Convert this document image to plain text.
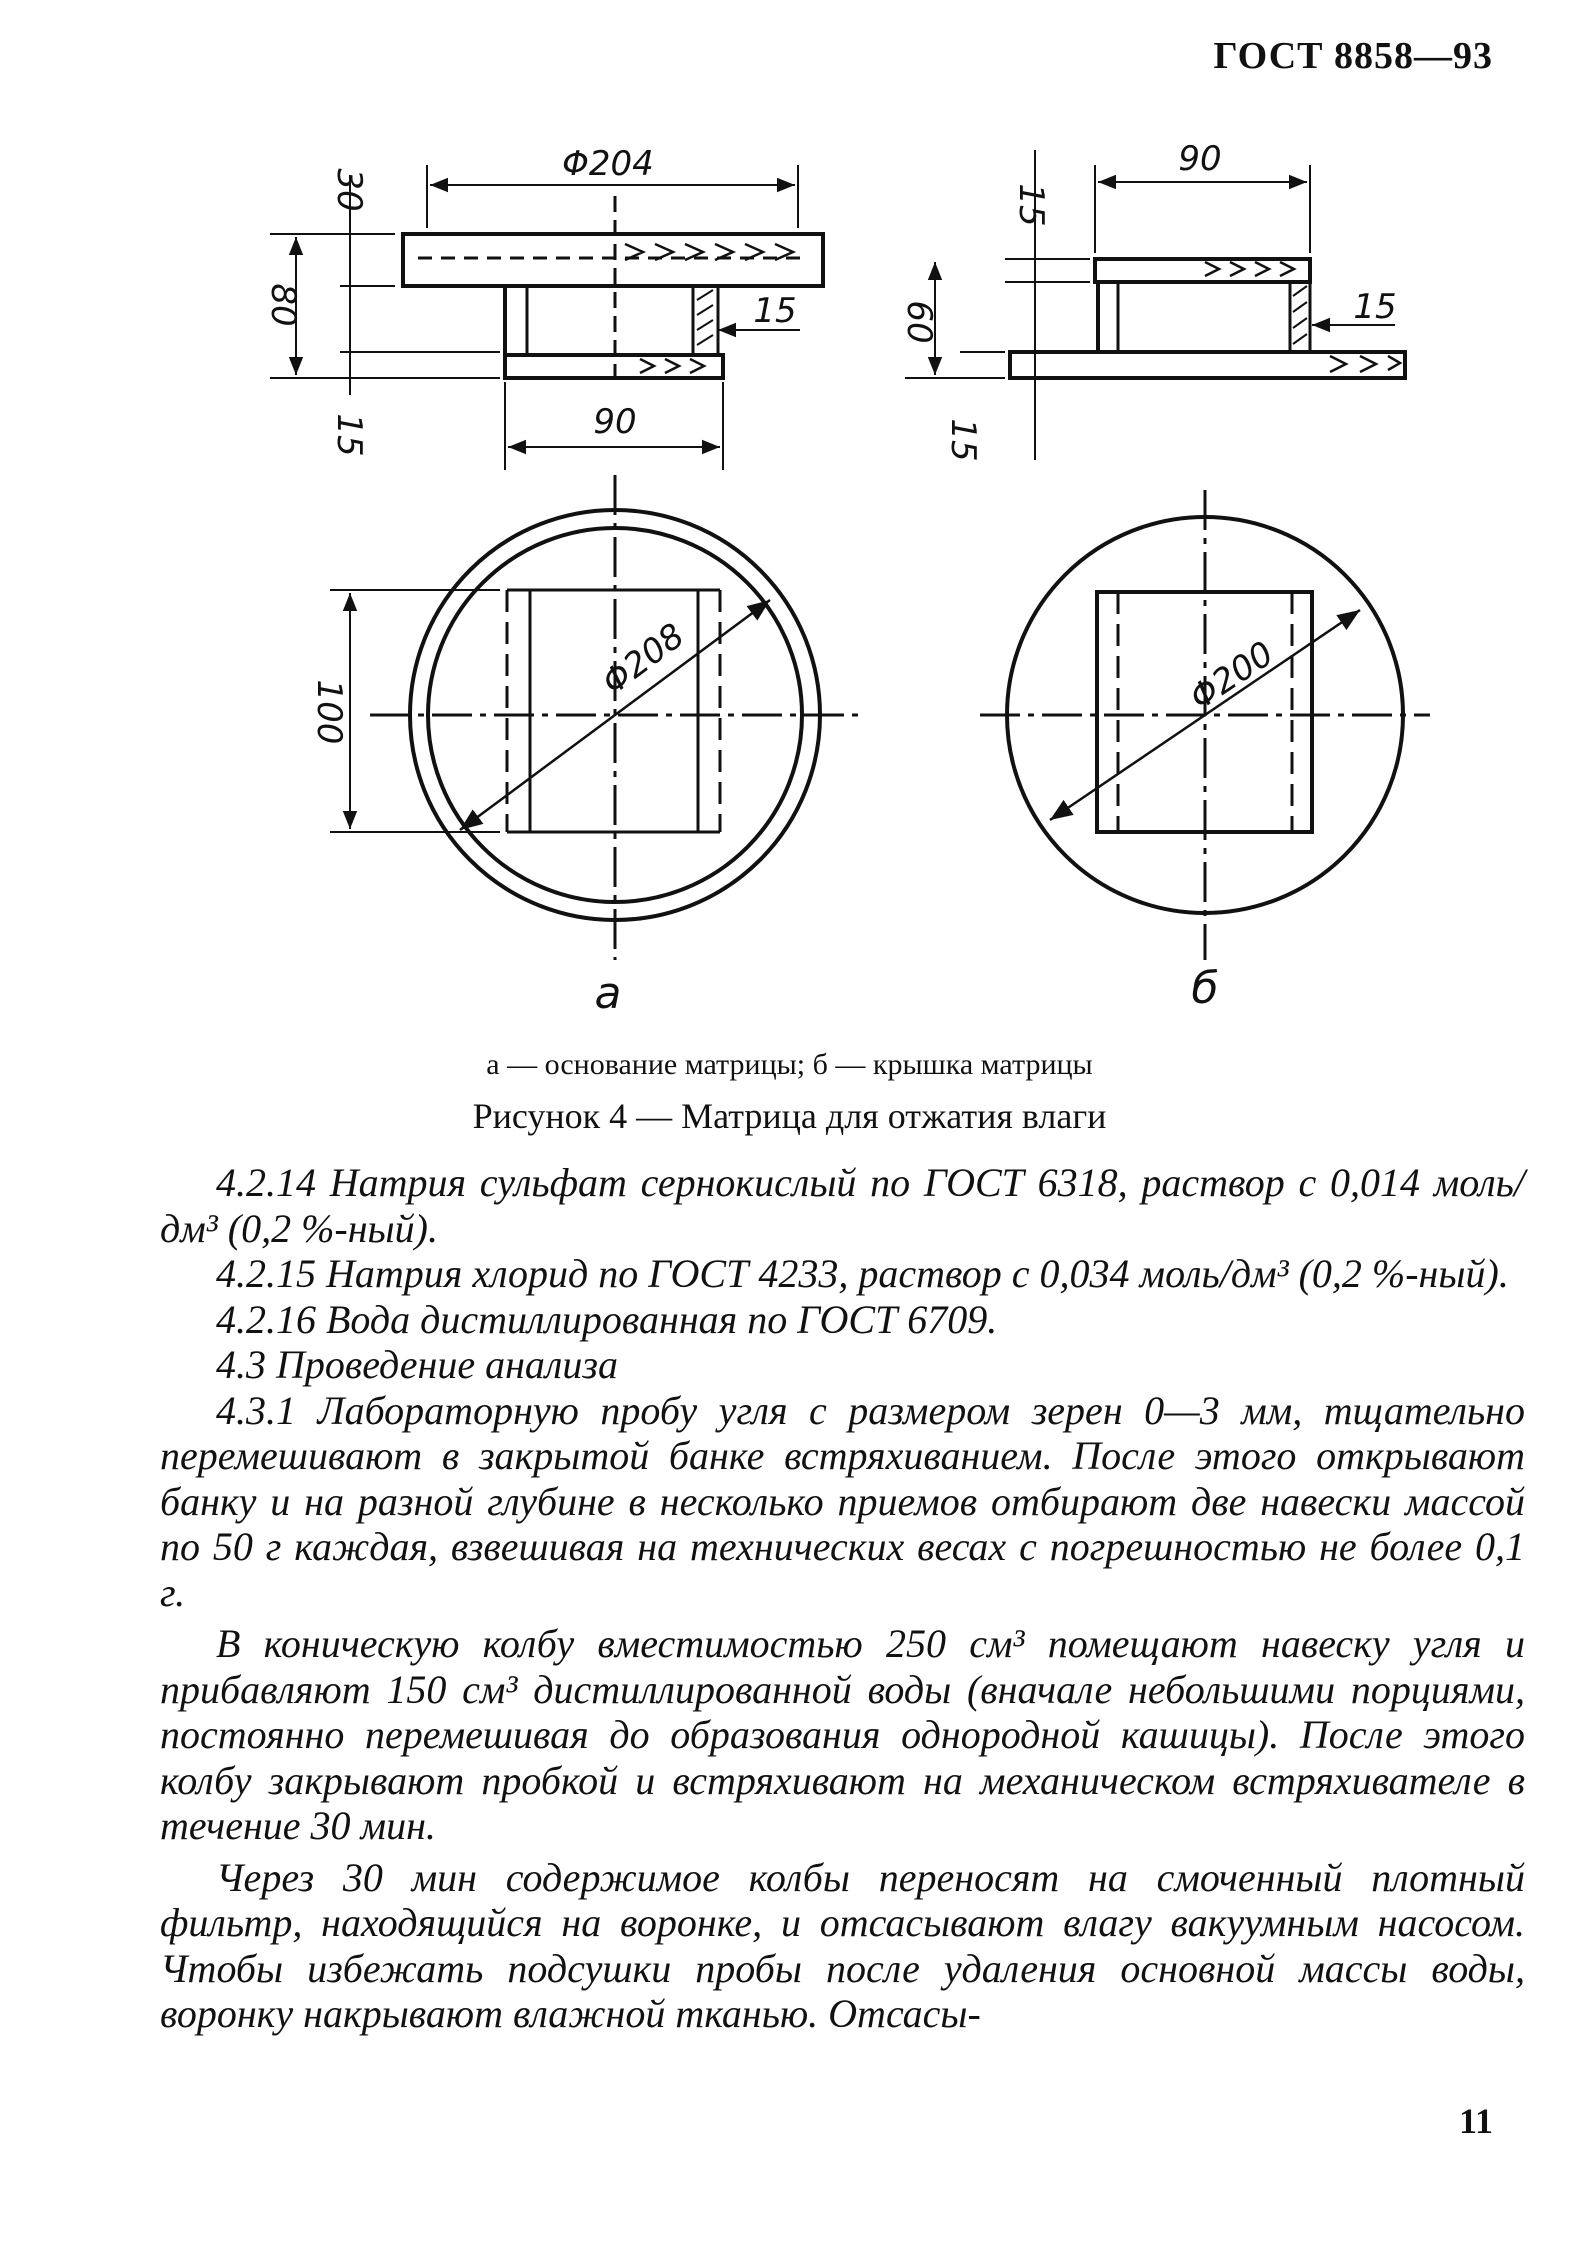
ГОСТ 8858—93
Φ204
30
80	15
15	90
90
15
60	15
15
100
Φ208	Φ200
а	б
а — основание матрицы; б — крышка матрицы
Рисунок 4 — Матрица для отжатия влаги

4.2.14 Натрия сульфат сернокислый по ГОСТ 6318, раствор с 0,014 моль/дм³ (0,2 %-ный).

4.2.15 Натрия хлорид по ГОСТ 4233, раствор с 0,034 моль/дм³ (0,2 %-ный).

4.2.16 Вода дистиллированная по ГОСТ 6709.

4.3 Проведение анализа

4.3.1 Лабораторную пробу угля с размером зерен 0—3 мм, тщательно перемешивают в закрытой банке встряхиванием. После этого открывают банку и на разной глубине в несколько приемов отбирают две навески массой по 50 г каждая, взвешивая на технических весах с погрешностью не более 0,1 г.

В коническую колбу вместимостью 250 см³ помещают навеску угля и прибавляют 150 см³ дистиллированной воды (вначале небольшими порциями, постоянно перемешивая до образования однородной кашицы). После этого колбу закрывают пробкой и встряхивают на механическом встряхивателе в течение 30 мин.

Через 30 мин содержимое колбы переносят на смоченный плотный фильтр, находящийся на воронке, и отсасывают влагу вакуумным насосом. Чтобы избежать подсушки пробы после удаления основной массы воды, воронку накрывают влажной тканью. Отсасы-

11
